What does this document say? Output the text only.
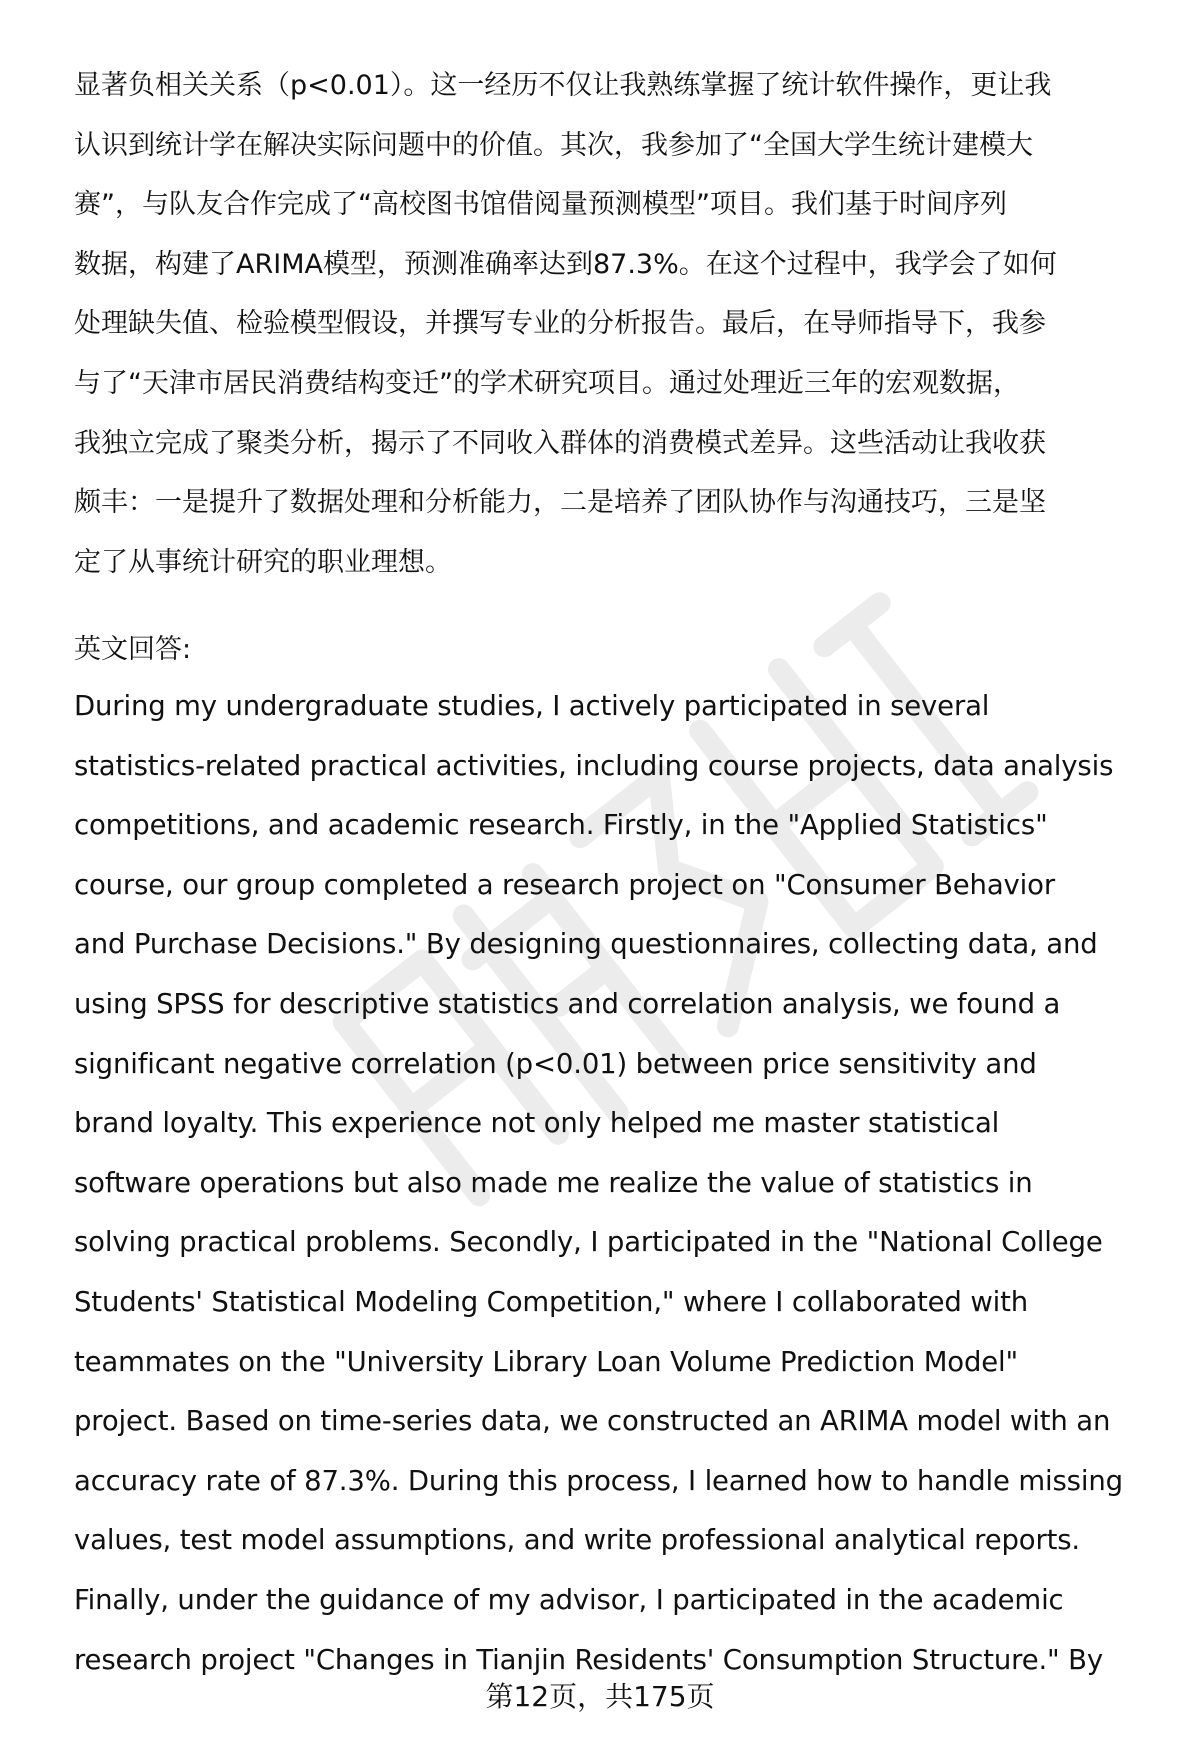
显著负相关关系（p<0.01）。这一经历不仅让我熟练掌握了统计软件操作，更让我
认识到统计学在解决实际问题中的价值。其次，我参加了“全国大学生统计建模大
赛”，与队友合作完成了“高校图书馆借阅量预测模型”项目。我们基于时间序列
数据，构建了ARIMA模型，预测准确率达到87.3%。在这个过程中，我学会了如何
处理缺失值、检验模型假设，并撰写专业的分析报告。最后，在导师指导下，我参
与了“天津市居民消费结构变迁”的学术研究项目。通过处理近三年的宏观数据，
我独立完成了聚类分析，揭示了不同收入群体的消费模式差异。这些活动让我收获
颇丰：一是提升了数据处理和分析能力，二是培养了团队协作与沟通技巧，三是坚
定了从事统计研究的职业理想。
英文回答:
During my undergraduate studies, I actively participated in several
statistics-related practical activities, including course projects, data analysis
competitions, and academic research. Firstly, in the "Applied Statistics"
course, our group completed a research project on "Consumer Behavior
and Purchase Decisions." By designing questionnaires, collecting data, and
using SPSS for descriptive statistics and correlation analysis, we found a
significant negative correlation (p<0.01) between price sensitivity and
brand loyalty. This experience not only helped me master statistical
software operations but also made me realize the value of statistics in
solving practical problems. Secondly, I participated in the "National College
Students' Statistical Modeling Competition," where I collaborated with
teammates on the "University Library Loan Volume Prediction Model"
project. Based on time-series data, we constructed an ARIMA model with an
accuracy rate of 87.3%. During this process, I learned how to handle missing
values, test model assumptions, and write professional analytical reports.
Finally, under the guidance of my advisor, I participated in the academic
research project "Changes in Tianjin Residents' Consumption Structure." By
第12页，共175页
